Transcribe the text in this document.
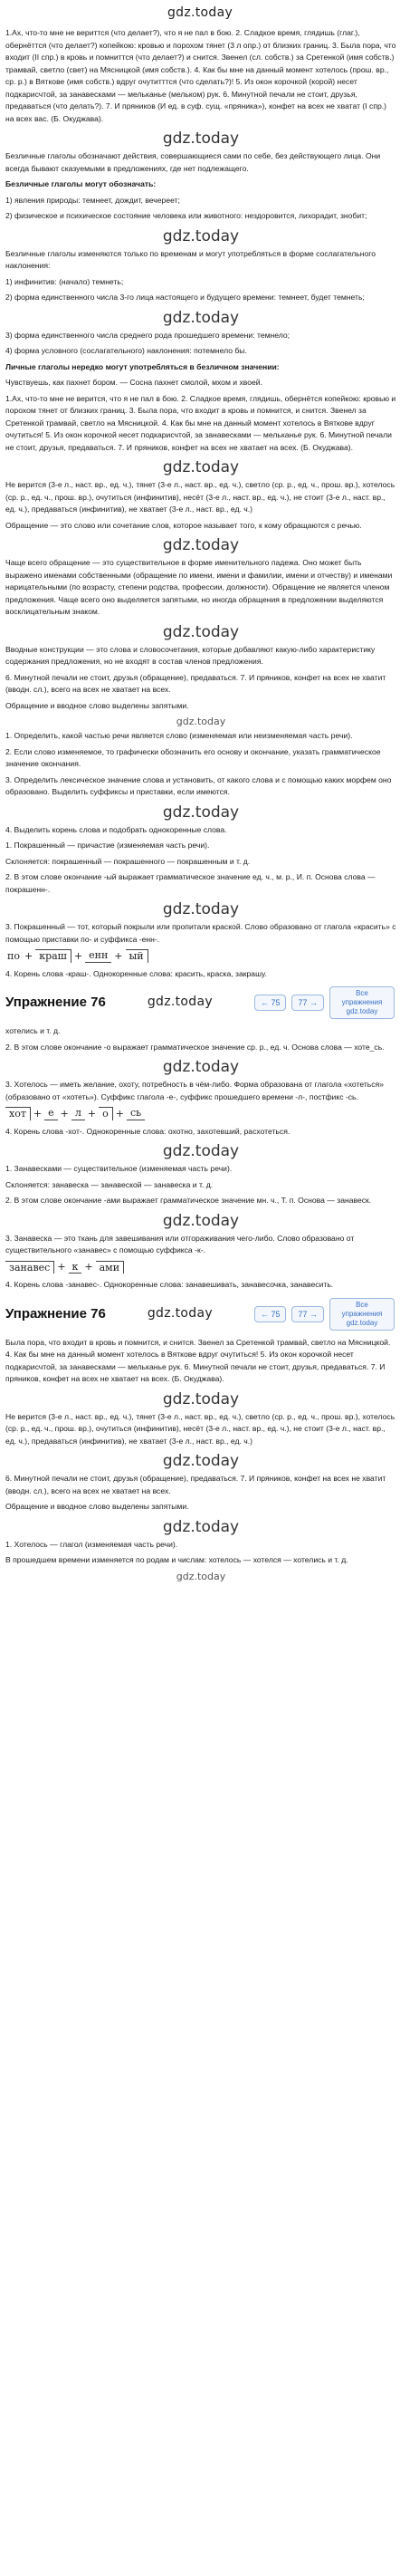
gdz.today

1.Ах, что-то мне не вериттся (что делает?), что я не пал в бою. 2. Сладкое время, глядишь (глаг.), обернёттся (что делает?) копейкою: кровью и порохом тянет (3 л опр.) от близких границ. 3. Была пора, что входит (II спр.) в кровь и помниттся (чтo делает?) и снится. Звенел (сл. собств.) за Сретенкой (имя собств.) трамвай, светло (свет) на Мясницкой (имя собств.). 4. Как бы мне на данный момент хотелось (прош. вр., ср. р.) в Вяткове (имя собств.) вдруг очутитттся (что сделать?)! 5. Из окон корочкой (корой) несет подкарисчтой, за занавесками — мельканье (мельком) рук. 6. Минутной печали не стоит, друзья, предаваться (что делать?). 7. И пряников (И ед. в суф. сущ. «пряника»), конфет на всех не хватат (I спр.) на всех вас. (Б. Окуджава).

gdz.today

Безличные глаголы обозначают действия, совершающиеся сами по себе, без действующего лица. Они всегда бывают сказуемыми в предложениях, где нет подлежащего.

Безличные глаголы могут обозначать:

1) явления природы: темнеет, дождит, вечереет;

2) физическое и психическое состояние человека или животного: нездоровится, лихорадит, знобит;

gdz.today

Безличные глаголы изменяются только по временам и могут употребляться в форме сослагательного наклонения:

1) инфинитив: (начало) темнеть;

2) форма единственного числа 3-го лица настоящего и будущего времени: темнеет, будет темнеть;

gdz.today

3) форма единственного числа среднего рода прошедшего времени: темнело;

4) форма условного (сослагательного) наклонения: потемнело бы.

Личные глаголы нередко могут употребляться в безличном значении:

Чувствуешь, как пахнет бором. — Сосна пахнет смолой, мхом и хвоей.

1.Ах, что-то мне не верится, что я не пал в бою. 2. Сладкое время, глядишь, обернётся копейкою: кровью и порохом тянет от близких границ. 3. Была пора, что входит в кровь и помнится, и снится. Звенел за Сретенкой трамвай, светло на Мясницкой. 4. Как бы мне на данный момент хотелось в Вяткове вдруг очутиться! 5. Из окон корочкой несет подкарисчтой, за занавесками — мельканье рук. 6. Минутной печали не стоит, друзья, предаваться. 7. И пряников, конфет на всех не хватает на всех. (Б. Окуджава).

gdz.today

Не верится (3-е л., наст. вр., ед. ч.), тянет (3-е л., наст. вр., ед. ч.), светло (ср. р., ед. ч., прош. вр.), хотелось (ср. р., ед. ч., прош. вр.), очутиться (инфинитив), несёт (3-е л., наст. вр., ед. ч.), не стоит (3-е л., наст. вр., ед. ч.), предаваться (инфинитив), не хватает (3-е л., наст. вр., ед. ч.)

Обращение — это слово или сочетание слов, которое называет того, к кому обращаются с речью.

gdz.today

Чаще всего обращение — это существительное в форме именительного падежа. Оно может быть выражено именами собственными (обращение по имени, имени и фамилии, имени и отчеству) и именами нарицательными (по возрасту, степени родства, профессии, должности). Обращение не является членом предложения. Чаще всего оно выделяется запятыми, но иногда обращения в предложении выделяются восклицательным знаком.

gdz.today

Вводные конструкции — это слова и словосочетания, которые добавляют какую-либо характеристику содержания предложения, но не входят в состав членов предложения.

6. Минутной печали не стоит, друзья (обращение), предаваться. 7. И пряников, конфет на всех не хватит (вводн. сл.), всего на всех не хватает на всех.

Обращение и вводное слово выделены запятыми.

gdz.today

1. Определить, какой частью речи является слово (изменяемая или неизменяемая часть речи).

2. Если слово изменяемое, то графически обозначить его основу и окончание, указать грамматическое значение окончания.

3. Определить лексическое значение слова и установить, от какого слова и с помощью каких морфем оно образовано. Выделить суффиксы и приставки, если имеются.

gdz.today

4. Выделить корень слова и подобрать однокоренные слова.

1. Покрашенный — причастие (изменяемая часть речи).

Склоняется: покрашенный — покрашенного — покрашенным и т. д.

2. В этом слове окончание -ый выражает грамматическое значение ед. ч., м. р., И. п. Основа слова — покрашенн-.

gdz.today

3. Покрашенный — тот, который покрыли или пропитали краской. Слово образовано от глагола «красить» с помощью приставки по- и суффикса -енн-.

по + краш + енн + ый

4. Корень слова -краш-. Однокоренные слова: красить, краска, закрашу.

Упражнение 76	gdz.today	← 75	77 →
Все упражнения gdz.today

хотелись и т. д.

2. В этом слове окончание -о выражает грамматическое значение ср. р., ед. ч. Основа слова — хоте_сь.

gdz.today

3. Хотелось — иметь желание, охоту, потребность в чём-либо. Форма образована от глагола «хотеться» (образовано от «хотеть»). Суффикс глагола -е-, суффикс прошедшего времени -л-, постфикс -сь.

хот + е + л + о + сь

4. Корень слова -хот-. Однокоренные слова: охотно, захотевший, расхотеться.

gdz.today

1. Занавесками — существительное (изменяемая часть речи).

Склоняется: занавеска — занавеской — занавеска и т. д.

2. В этом слове окончание -ами выражает грамматическое значение мн. ч., Т. п. Основа — занавеск.

gdz.today

3. Занавеска — это ткань для завешивания или отгораживания чего-либо. Слово образовано от существительного «занавес» с помощью суффикса -к-.

занавес + к + ами

4. Корень слова -занавес-. Однокоренные слова: занавешивать, занавесочка, занавесить.

Упражнение 76	gdz.today	← 75	77 →
Все упражнения gdz.today

Была пора, что входит в кровь и помнится, и снится. Звенел за Сретенкой трамвай, светло на Мясницкой. 4. Как бы мне на данный момент хотелось в Вяткове вдруг очутиться! 5. Из окон корочкой несет подкарисчтой, за занавесками — мельканье рук. 6. Минутной печали не стоит, друзья, предаваться. 7. И пряников, конфет на всех не хватает на всех. (Б. Окуджава).

gdz.today

Не верится (3-е л., наст. вр., ед. ч.), тянет (3-е л., наст. вр., ед. ч.), светло (ср. р., ед. ч., прош. вр.), хотелось (ср. р., ед. ч., прош. вр.), очутиться (инфинитив), несёт (3-е л., наст. вр., ед. ч.), не стоит (3-е л., наст. вр., ед. ч.), предаваться (инфинитив), не хватает (3-е л., наст. вр., ед. ч.)

gdz.today

6. Минутной печали не стоит, друзья (обращение), предаваться. 7. И пряников, конфет на всех не хватит (вводн. сл.), всего на всех не хватает на всех.

Обращение и вводное слово выделены запятыми.

gdz.today

1. Хотелось — глагол (изменяемая часть речи).

В прошедшем времени изменяется по родам и числам: хотелось — хотелся — хотелись и т. д.

gdz.today
